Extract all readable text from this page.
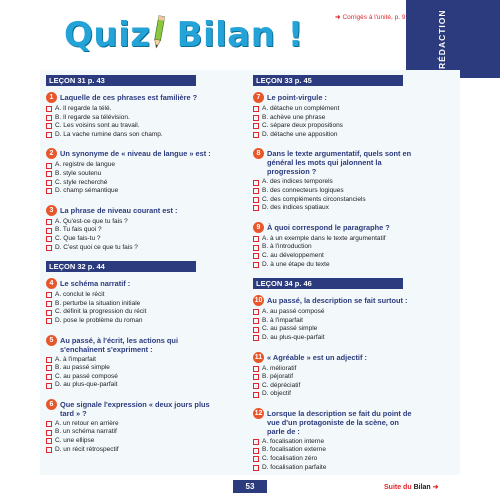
Quiz Bilan !	➜ Corrigés à l'unité, p. 9	RÉDACTION
LEÇON 31 p. 43
1 Laquelle de ces phrases est familière ?
A. Il regarde la télé.
B. Il regarde sa télévision.
C. Les voisins sont au travail.
D. La vache rumine dans son champ.
2 Un synonyme de « niveau de langue » est :
A. registre de langue
B. style soutenu
C. style recherché
D. champ sémantique
3 La phrase de niveau courant est :
A. Qu'est-ce que tu fais ?
B. Tu fais quoi ?
C. Que fais-tu ?
D. C'est quoi ce que tu fais ?
LEÇON 32 p. 44
4 Le schéma narratif :
A. conclut le récit
B. perturbe la situation initiale
C. définit la progression du récit
D. pose le problème du roman
5 Au passé, à l'écrit, les actions qui s'enchaînent s'expriment :
A. à l'imparfait
B. au passé simple
C. au passé composé
D. au plus-que-parfait
6 Que signale l'expression « deux jours plus tard » ?
A. un retour en arrière
B. un schéma narratif
C. une ellipse
D. un récit rétrospectif
LEÇON 33 p. 45
7 Le point-virgule :
A. détache un complément
B. achève une phrase
C. sépare deux propositions
D. détache une apposition
8 Dans le texte argumentatif, quels sont en général les mots qui jalonnent la progression ?
A. des indices temporels
B. des connecteurs logiques
C. des compléments circonstanciels
D. des indices spatiaux
9 À quoi correspond le paragraphe ?
A. à un exemple dans le texte argumentatif
B. à l'introduction
C. au développement
D. à une étape du texte
LEÇON 34 p. 46
10 Au passé, la description se fait surtout :
A. au passé composé
B. à l'imparfait
C. au passé simple
D. au plus-que-parfait
11 « Agréable » est un adjectif :
A. mélioratif
B. péjoratif
C. dépréciatif
D. objectif
12 Lorsque la description se fait du point de vue d'un protagoniste de la scène, on parle de :
A. focalisation interne
B. focalisation externe
C. focalisation zéro
D. focalisation parfaite
53	Suite du Bilan ➜
